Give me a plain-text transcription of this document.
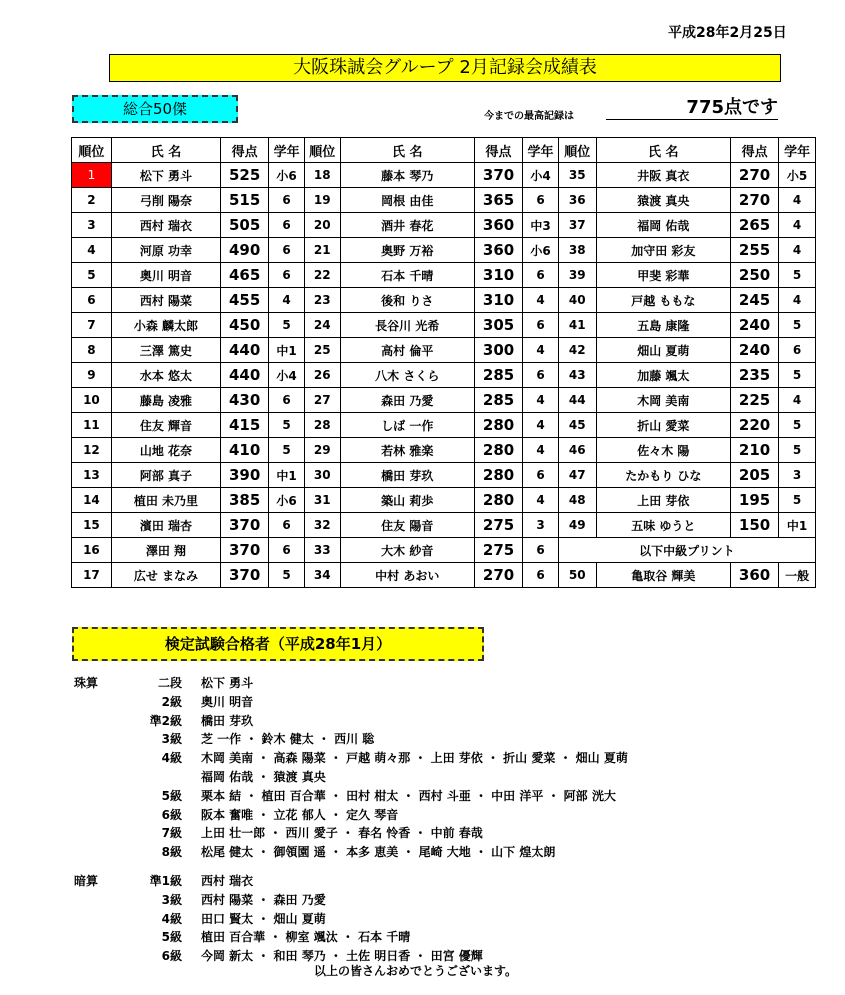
平成28年2月25日
大阪珠誠会グループ 2月記録会成績表
総合50傑	今までの最高記録は	775点です
順位	氏 名	得点	学年	順位	氏 名	得点	学年	順位	氏 名	得点	学年
1	松下 勇斗	525	小6	18	藤本 琴乃	370	小4	35	井阪 真衣	270	小5
2	弓削 陽奈	515	6	19	岡根 由佳	365	6	36	猿渡 真央	270	4
3	西村 瑞衣	505	6	20	酒井 春花	360	中3	37	福岡 佑哉	265	4
4	河原 功幸	490	6	21	奥野 万裕	360	小6	38	加守田 彩友	255	4
5	奥川 明音	465	6	22	石本 千晴	310	6	39	甲斐 彩華	250	5
6	西村 陽菜	455	4	23	後和 りさ	310	4	40	戸越 ももな	245	4
7	小森 麟太郎	450	5	24	長谷川 光希	305	6	41	五島 康隆	240	5
8	三澤 篤史	440	中1	25	高村 倫平	300	4	42	畑山 夏萌	240	6
9	水本 悠太	440	小4	26	八木 さくら	285	6	43	加藤 颯太	235	5
10	藤島 凌雅	430	6	27	森田 乃愛	285	4	44	木岡 美南	225	4
11	住友 輝音	415	5	28	しば 一作	280	4	45	折山 愛菜	220	5
12	山地 花奈	410	5	29	若林 雅楽	280	4	46	佐々木 陽	210	5
13	阿部 真子	390	中1	30	橋田 芽玖	280	6	47	たかもり ひな	205	3
14	植田 未乃里	385	小6	31	築山 莉歩	280	4	48	上田 芽依	195	5
15	濱田 瑞杏	370	6	32	住友 陽音	275	3	49	五味 ゆうと	150	中1
16	澤田 翔	370	6	33	大木 紗音	275	6	以下中級プリント			
17	広せ まなみ	370	5	34	中村 あおい	270	6	50	亀取谷 輝美	360	一般
検定試験合格者（平成28年1月）
珠算	二段 松下 勇斗
2級 奥川 明音
準2級 橋田 芽玖
3級 芝 一作 ・ 鈴木 健太 ・ 西川 聡
4級 木岡 美南 ・ 高森 陽菜 ・ 戸越 萌々那 ・ 上田 芽依 ・ 折山 愛菜 ・ 畑山 夏萌
福岡 佑哉 ・ 猿渡 真央
5級 栗本 結 ・ 植田 百合華 ・ 田村 柑太 ・ 西村 斗亜 ・ 中田 洋平 ・ 阿部 洸大
6級 阪本 奮唯 ・ 立花 郁人 ・ 定久 琴音
7級 上田 壮一郎 ・ 西川 愛子 ・ 春名 怜香 ・ 中前 春哉
8級 松尾 健太 ・ 御領園 遥 ・ 本多 恵美 ・ 尾崎 大地 ・ 山下 煌太朗
暗算	準1級 西村 瑞衣
3級 西村 陽菜 ・ 森田 乃愛
4級 田口 賢太 ・ 畑山 夏萌
5級 植田 百合華 ・ 柳室 颯汰 ・ 石本 千晴
6級 今岡 新太 ・ 和田 琴乃 ・ 土佐 明日香 ・ 田宮 優輝
以上の皆さんおめでとうございます。
